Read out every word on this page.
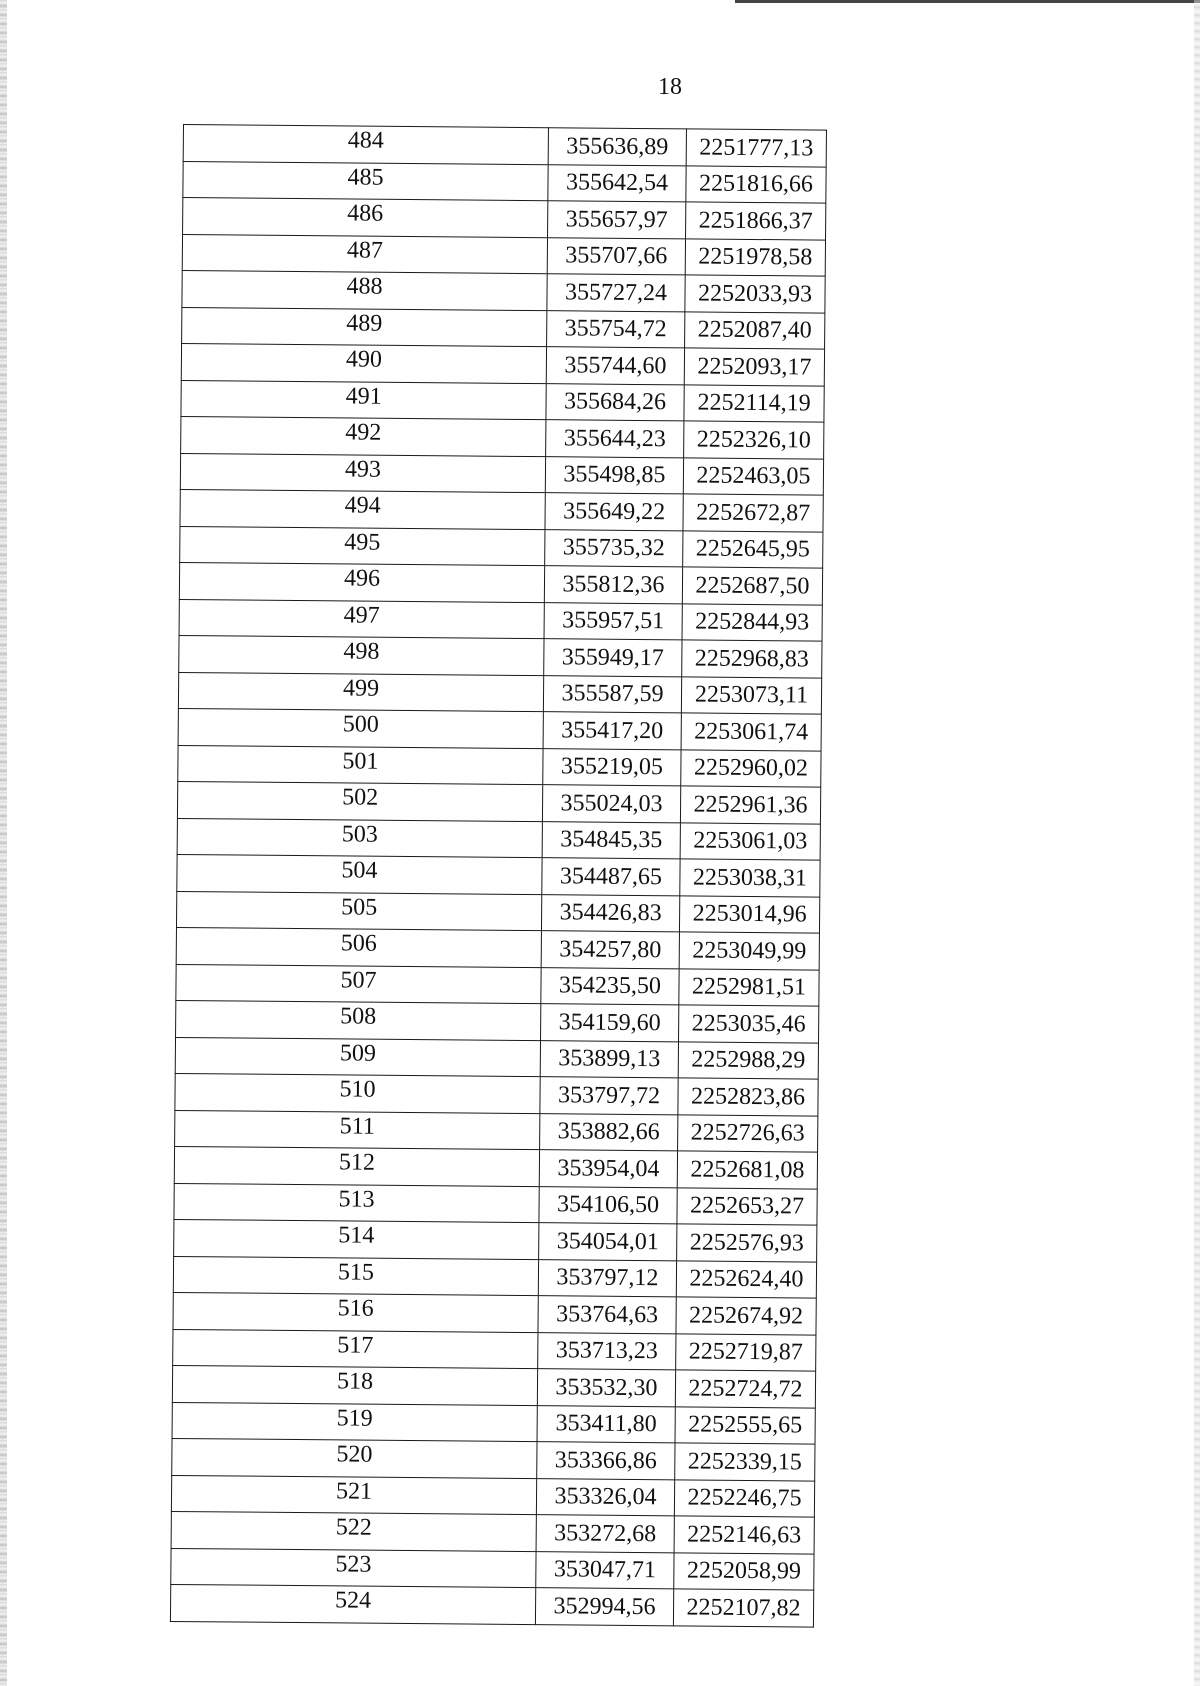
18
484	355636,89	2251777,13
485	355642,54	2251816,66
486	355657,97	2251866,37
487	355707,66	2251978,58
488	355727,24	2252033,93
489	355754,72	2252087,40
490	355744,60	2252093,17
491	355684,26	2252114,19
492	355644,23	2252326,10
493	355498,85	2252463,05
494	355649,22	2252672,87
495	355735,32	2252645,95
496	355812,36	2252687,50
497	355957,51	2252844,93
498	355949,17	2252968,83
499	355587,59	2253073,11
500	355417,20	2253061,74
501	355219,05	2252960,02
502	355024,03	2252961,36
503	354845,35	2253061,03
504	354487,65	2253038,31
505	354426,83	2253014,96
506	354257,80	2253049,99
507	354235,50	2252981,51
508	354159,60	2253035,46
509	353899,13	2252988,29
510	353797,72	2252823,86
511	353882,66	2252726,63
512	353954,04	2252681,08
513	354106,50	2252653,27
514	354054,01	2252576,93
515	353797,12	2252624,40
516	353764,63	2252674,92
517	353713,23	2252719,87
518	353532,30	2252724,72
519	353411,80	2252555,65
520	353366,86	2252339,15
521	353326,04	2252246,75
522	353272,68	2252146,63
523	353047,71	2252058,99
524	352994,56	2252107,82
